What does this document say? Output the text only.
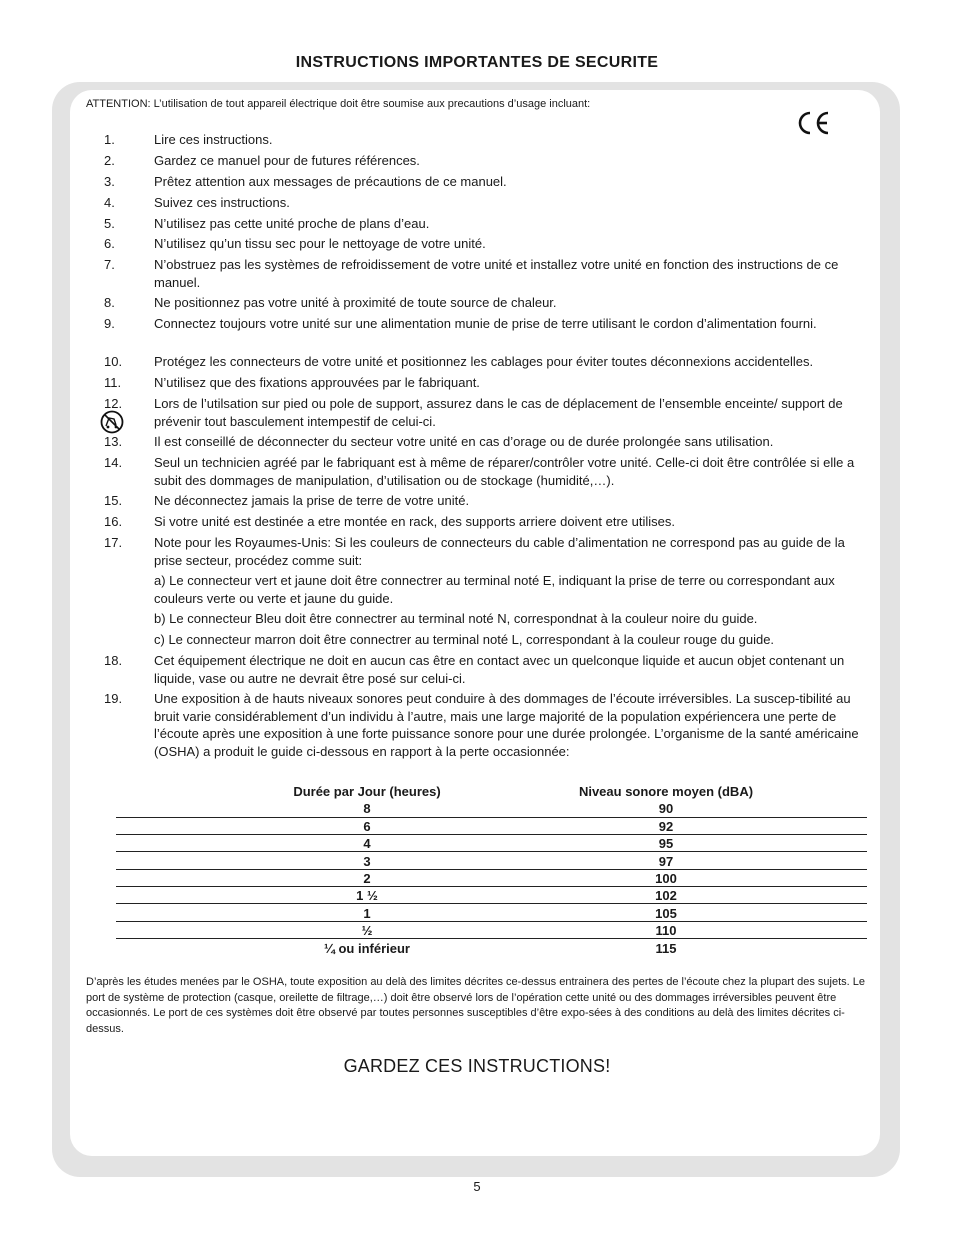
INSTRUCTIONS IMPORTANTES DE SECURITE
ATTENTION: L’utilisation de tout appareil électrique doit être soumise aux precautions d’usage incluant:
1.	Lire ces instructions.
2.	Gardez ce manuel pour de futures références.
3.	Prêtez attention aux messages de précautions de ce manuel.
4.	Suivez ces instructions.
5.	N’utilisez pas cette unité proche de plans d’eau.
6.	N’utilisez qu’un tissu sec pour le nettoyage de votre unité.
7.	N’obstruez pas les systèmes de refroidissement de votre unité et installez votre unité en fonction des instructions de ce manuel.
8.	Ne positionnez pas votre unité à proximité de toute source de chaleur.
9.	Connectez toujours votre unité sur une alimentation munie de prise de terre utilisant le cordon d’alimentation fourni.
10.	Protégez les connecteurs de votre unité et positionnez les cablages pour éviter toutes déconnexions accidentelles.
11.	N’utilisez que des fixations approuvées par le fabriquant.
12.	Lors de l’utilsation sur pied ou pole de support, assurez dans le cas de déplacement de l’ensemble enceinte/ support de prévenir tout basculement intempestif de celui-ci.
13.	Il est conseillé de déconnecter du secteur votre unité en cas d’orage ou de durée prolongée sans utilisation.
14.	Seul un technicien agréé par le fabriquant est à même de réparer/contrôler votre unité. Celle-ci doit être contrôlée si elle a subit des dommages de manipulation, d’utilisation ou de stockage (humidité,…).
15.	Ne déconnectez jamais la prise de terre de votre unité.
16.	Si votre unité est destinée a etre montée en rack, des supports arriere doivent etre utilises.
17.	Note pour les Royaumes-Unis: Si les couleurs de connecteurs du cable d’alimentation ne correspond pas au guide de la prise secteur, procédez comme suit:
a) Le connecteur vert et jaune doit être connectrer au terminal noté E, indiquant la prise de terre ou correspondant aux couleurs verte ou verte et jaune du guide.
b) Le connecteur Bleu doit être connectrer au terminal noté N, correspondnat à la couleur noire du guide.
c) Le connecteur marron doit être connectrer au terminal noté L, correspondant à la couleur rouge du guide.
18.	Cet équipement électrique ne doit en aucun cas être en contact avec un quelconque liquide et aucun objet contenant un liquide, vase ou autre ne devrait être posé sur celui-ci.
19.	Une exposition à de hauts niveaux sonores peut conduire à des dommages de l’écoute irréversibles. La suscep-tibilité au bruit varie considérablement d’un individu à l’autre, mais une large majorité de la population expériencera une perte de l’écoute après une exposition à une forte puissance sonore pour une durée prolongée. L’organisme de la santé américaine (OSHA) a produit le guide ci-dessous en rapport à la perte occasionnée:
Durée par Jour (heures)	Niveau sonore moyen (dBA)
8	90
6	92
4	95
3	97
2	100
1 ½	102
1	105
½	110
¼ ou inférieur	115
D’après les études menées par le OSHA, toute exposition au delà des limites décrites ce-dessus entrainera des pertes de l’écoute chez la plupart des sujets. Le port de système de protection (casque, oreilette de filtrage,…) doit être observé lors de l’opération cette unité ou des dommages irréversibles peuvent être occasionnés. Le port de ces systèmes doit être observé par toutes personnes susceptibles d’être expo-sées à des conditions au delà des limites décrites ci-dessus.
GARDEZ CES INSTRUCTIONS!
5
